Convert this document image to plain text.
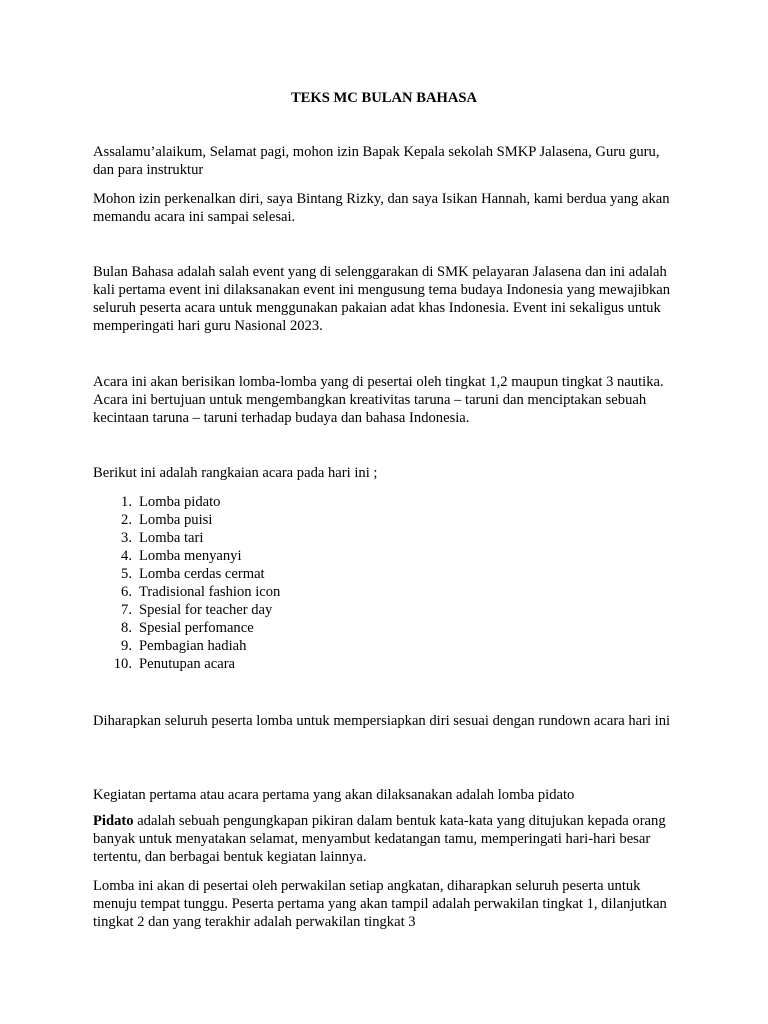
TEKS MC BULAN BAHASA

Assalamu’alaikum, Selamat pagi, mohon izin Bapak Kepala sekolah SMKP Jalasena, Guru guru, dan para instruktur

Mohon izin perkenalkan diri, saya Bintang Rizky, dan saya Isikan Hannah, kami berdua yang akan memandu acara ini sampai selesai.

Bulan Bahasa adalah salah event yang di selenggarakan di SMK pelayaran Jalasena dan ini adalah kali pertama event ini dilaksanakan event ini mengusung tema budaya Indonesia yang mewajibkan seluruh peserta acara untuk menggunakan pakaian adat khas Indonesia. Event ini sekaligus untuk memperingati hari guru Nasional 2023.

Acara ini akan berisikan lomba-lomba yang di pesertai oleh tingkat 1,2 maupun tingkat 3 nautika. Acara ini bertujuan untuk mengembangkan kreativitas taruna – taruni dan menciptakan sebuah kecintaan taruna – taruni terhadap budaya dan bahasa Indonesia.

Berikut ini adalah rangkaian acara pada hari ini ;

1. Lomba pidato
2. Lomba puisi
3. Lomba tari
4. Lomba menyanyi
5. Lomba cerdas cermat
6. Tradisional fashion icon
7. Spesial for teacher day
8. Spesial perfomance
9. Pembagian hadiah
10. Penutupan acara

Diharapkan seluruh peserta lomba untuk mempersiapkan diri sesuai dengan rundown acara hari ini

Kegiatan pertama atau acara pertama yang akan dilaksanakan adalah lomba pidato

Pidato adalah sebuah pengungkapan pikiran dalam bentuk kata-kata yang ditujukan kepada orang banyak untuk menyatakan selamat, menyambut kedatangan tamu, memperingati hari-hari besar tertentu, dan berbagai bentuk kegiatan lainnya.

Lomba ini akan di pesertai oleh perwakilan setiap angkatan, diharapkan seluruh peserta untuk menuju tempat tunggu. Peserta pertama yang akan tampil adalah perwakilan tingkat 1, dilanjutkan tingkat 2 dan yang terakhir adalah perwakilan tingkat 3
